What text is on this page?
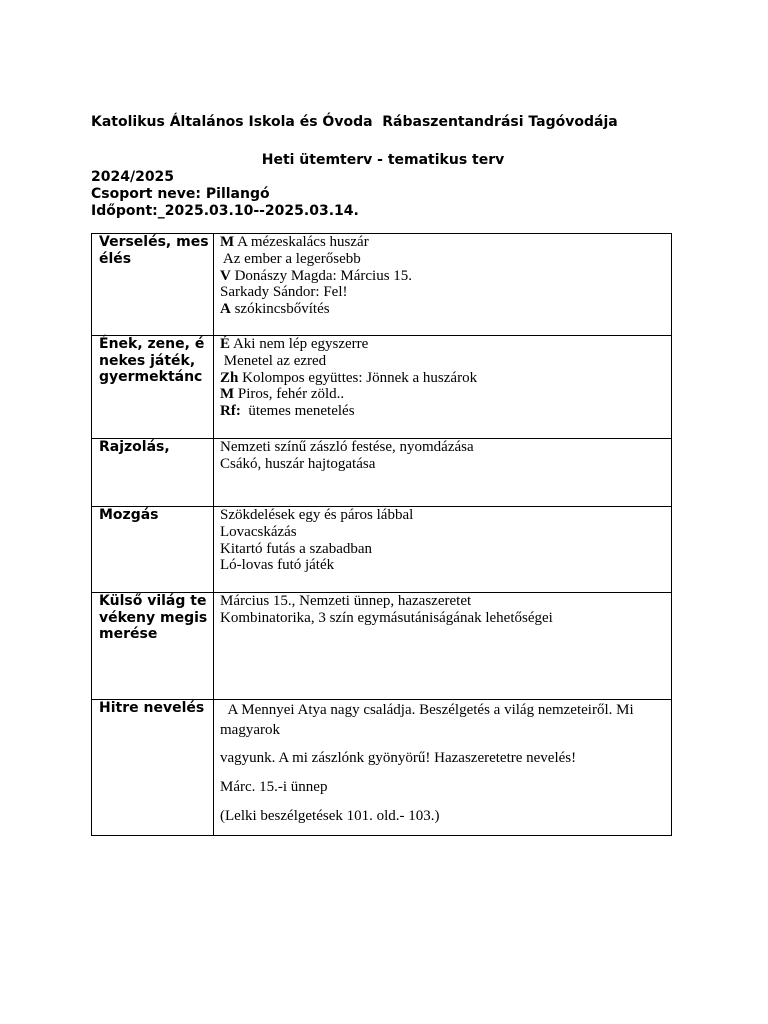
Katolikus Általános Iskola és Óvoda  Rábaszentandrási Tagóvodája
Heti ütemterv - tematikus terv
2024/2025
Csoport neve: Pillangó
Időpont:_2025.03.10--2025.03.14.
Verselés, mesélés	M A mézeskalács huszár
Az ember a legerősebb
V Donászy Magda: Március 15.
Sarkady Sándor: Fel!
A szókincsbővítés

Ének, zene, énekes játék, gyermektánc	É Aki nem lép egyszerre
Menetel az ezred
Zh Kolompos együttes: Jönnek a huszárok
M Piros, fehér zöld..
Rf:  ütemes menetelés

Rajzolás,	Nemzeti színű zászló festése, nyomdázása
Csákó, huszár hajtogatása

Mozgás	Szökdelések egy és páros lábbal
Lovacskázás
Kitartó futás a szabadban
Ló-lovas futó játék

Külső világ tevékeny megismerése	Március 15., Nemzeti ünnep, hazaszeretet
Kombinatorika, 3 szín egymásutániságának lehetőségei

Hitre nevelés	A Mennyei Atya nagy családja. Beszélgetés a világ nemzeteiről. Mi magyarok
vagyunk. A mi zászlónk gyönyörű! Hazaszeretetre nevelés!
Márc. 15.-i ünnep
(Lelki beszélgetések 101. old.- 103.)
